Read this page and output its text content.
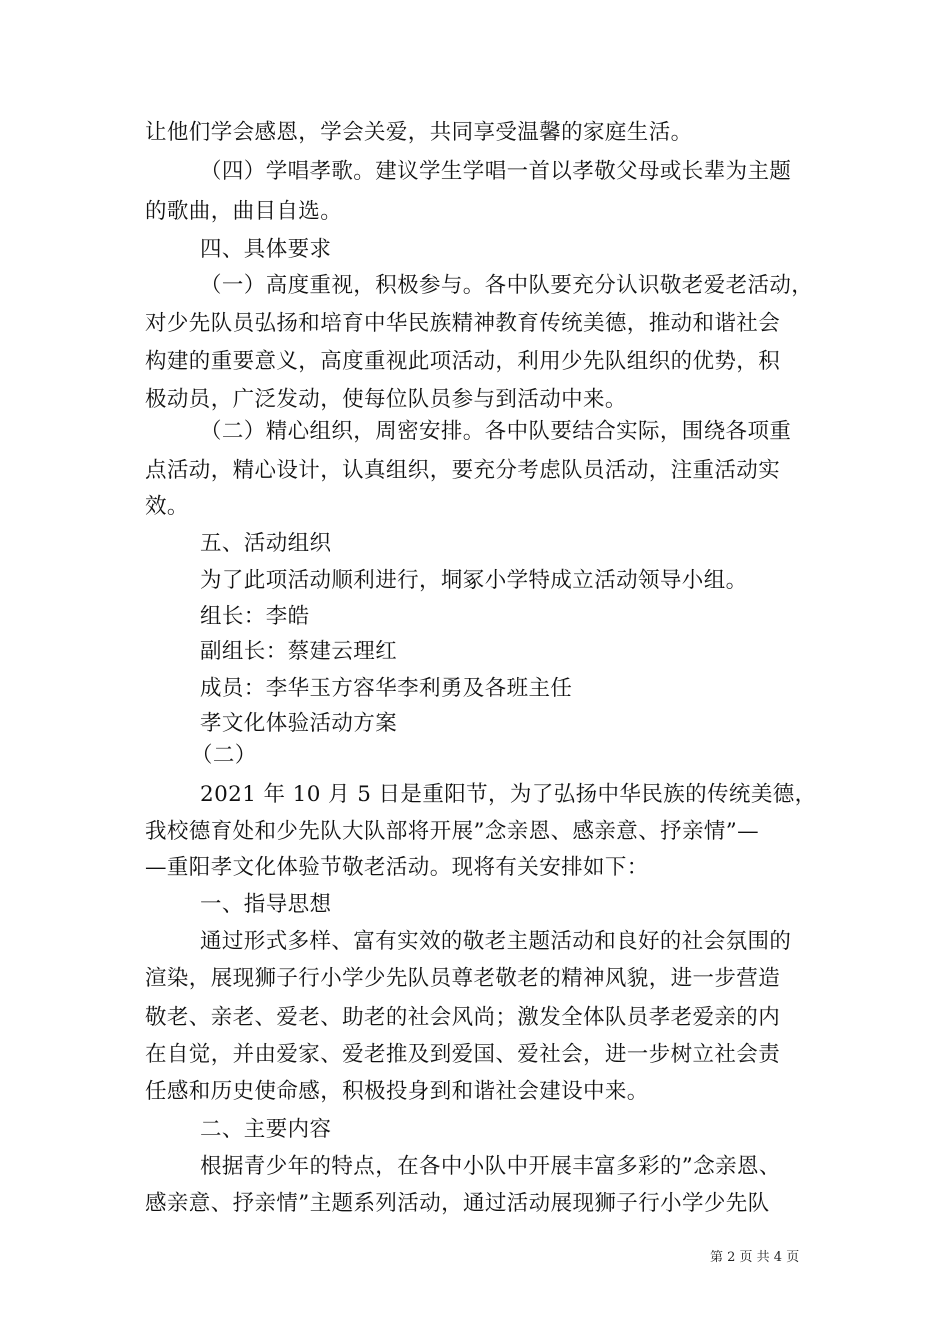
让他们学会感恩，学会关爱，共同享受温馨的家庭生活。
（四）学唱孝歌。建议学生学唱一首以孝敬父母或长辈为主题
的歌曲，曲目自选。
四、具体要求
（一）高度重视，积极参与。各中队要充分认识敬老爱老活动，
对少先队员弘扬和培育中华民族精神教育传统美德，推动和谐社会
构建的重要意义，高度重视此项活动，利用少先队组织的优势，积
极动员，广泛发动，使每位队员参与到活动中来。
（二）精心组织，周密安排。各中队要结合实际，围绕各项重
点活动，精心设计，认真组织，要充分考虑队员活动，注重活动实
效。
五、活动组织
为了此项活动顺利进行，垌冢小学特成立活动领导小组。
组长：李皓
副组长：蔡建云理红
成员：李华玉方容华李利勇及各班主任
孝文化体验活动方案
（二）
2021 年 10 月 5 日是重阳节，为了弘扬中华民族的传统美德，
我校德育处和少先队大队部将开展”念亲恩、感亲意、抒亲情”—
—重阳孝文化体验节敬老活动。现将有关安排如下：
一、指导思想
通过形式多样、富有实效的敬老主题活动和良好的社会氛围的
渲染，展现狮子行小学少先队员尊老敬老的精神风貌，进一步营造
敬老、亲老、爱老、助老的社会风尚；激发全体队员孝老爱亲的内
在自觉，并由爱家、爱老推及到爱国、爱社会，进一步树立社会责
任感和历史使命感，积极投身到和谐社会建设中来。
二、主要内容
根据青少年的特点，在各中小队中开展丰富多彩的”念亲恩、
感亲意、抒亲情”主题系列活动，通过活动展现狮子行小学少先队
第 2 页 共 4 页
